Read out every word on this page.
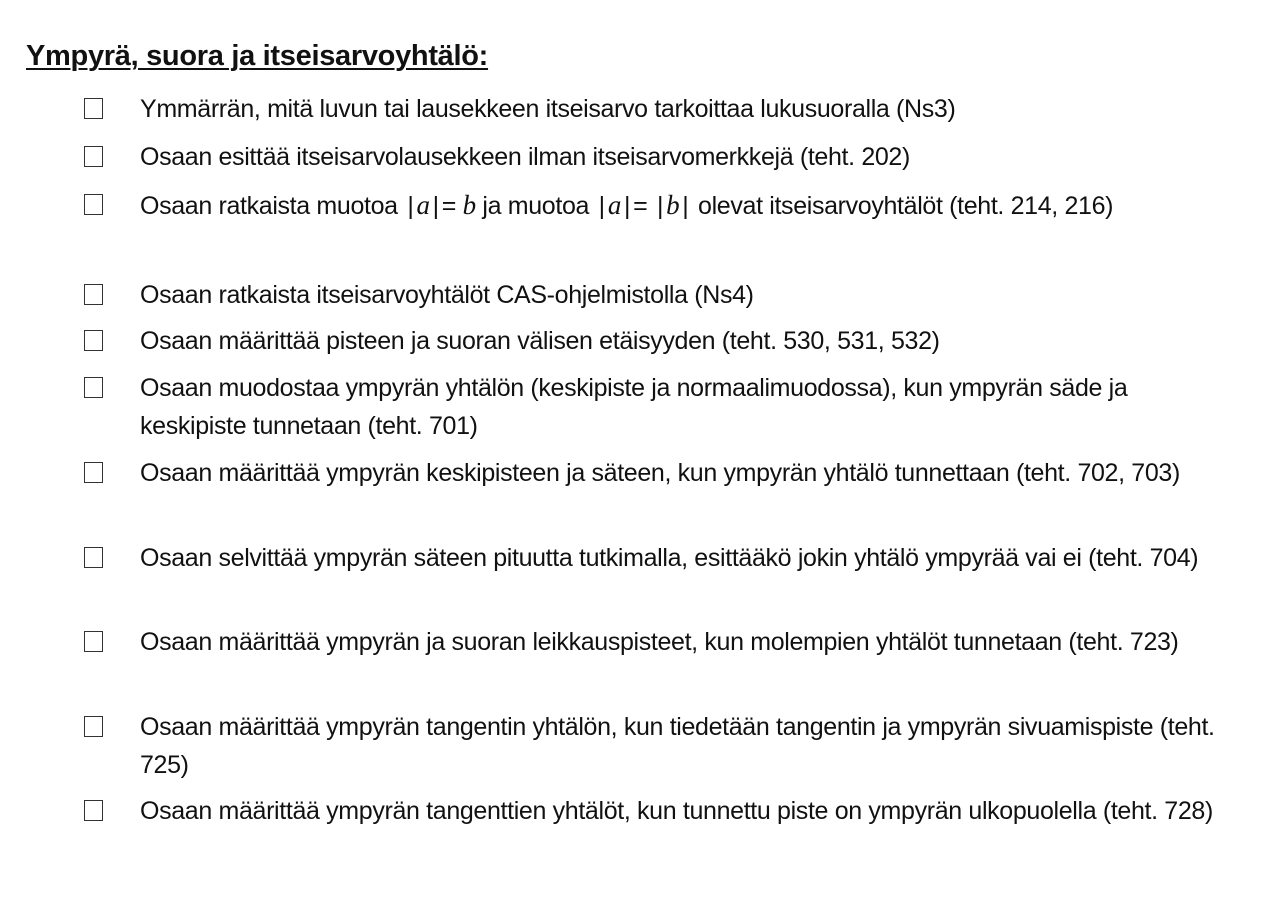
Ympyrä, suora ja itseisarvoyhtälö:
Ymmärrän, mitä luvun tai lausekkeen itseisarvo tarkoittaa lukusuoralla (Ns3)
Osaan esittää itseisarvolausekkeen ilman itseisarvomerkkejä (teht. 202)
Osaan ratkaista muotoa | a | = b ja muotoa | a | = | b | olevat itseisarvoyhtälöt (teht. 214, 216)
Osaan ratkaista itseisarvoyhtälöt CAS-ohjelmistolla (Ns4)
Osaan määrittää pisteen ja suoran välisen etäisyyden (teht. 530, 531, 532)
Osaan muodostaa ympyrän yhtälön (keskipiste ja normaalimuodossa), kun ympyrän säde ja keskipiste tunnetaan (teht. 701)
Osaan määrittää ympyrän keskipisteen ja säteen, kun ympyrän yhtälö tunnettaan (teht. 702, 703)
Osaan selvittää ympyrän säteen pituutta tutkimalla, esittääkö jokin yhtälö ympyrää vai ei (teht. 704)
Osaan määrittää ympyrän ja suoran leikkauspisteet, kun molempien yhtälöt tunnetaan (teht. 723)
Osaan määrittää ympyrän tangentin yhtälön, kun tiedetään tangentin ja ympyrän sivuamispiste (teht. 725)
Osaan määrittää ympyrän tangenttien yhtälöt, kun tunnettu piste on ympyrän ulkopuolella (teht. 728)
